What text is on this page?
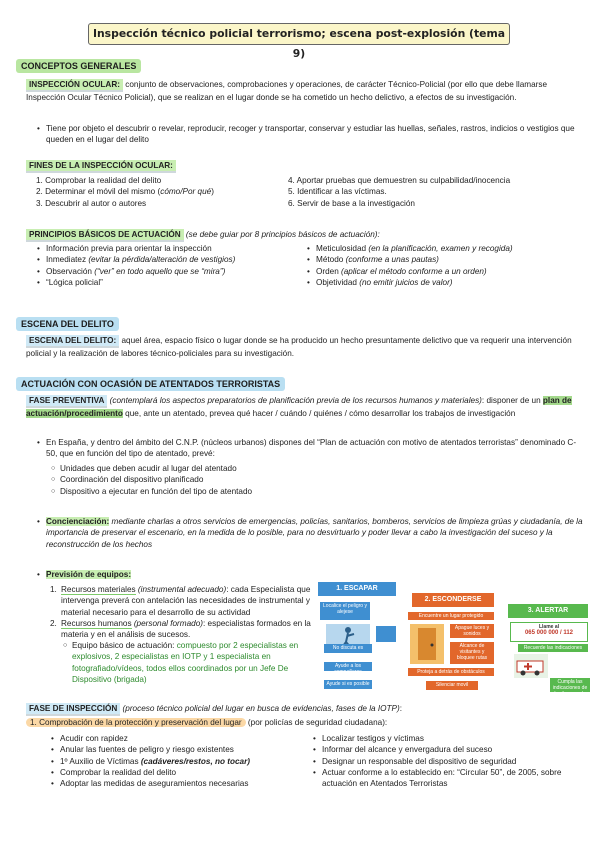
Inspección técnico policial terrorismo; escena post-explosión (tema 9)
CONCEPTOS GENERALES
INSPECCIÓN OCULAR: conjunto de observaciones, comprobaciones y operaciones, de carácter Técnico-Policial (por ello que debe llamarse Inspección Ocular Técnico Policial), que se realizan en el lugar donde se ha cometido un hecho delictivo, a efectos de su investigación.
• Tiene por objeto el descubrir o revelar, reproducir, recoger y transportar, conservar y estudiar las huellas, señales, rastros, indicios o vestigios que queden en el lugar del delito
FINES DE LA INSPECCIÓN OCULAR:
1. Comprobar la realidad del delito
2. Determinar el móvil del mismo (cómo/Por qué)
3. Descubrir al autor o autores
4. Aportar pruebas que demuestren su culpabilidad/inocencia
5. Identificar a las víctimas.
6. Servir de base a la investigación
PRINCIPIOS BÁSICOS DE ACTUACIÓN (se debe guiar por 8 principios básicos de actuación):
• Información previa para orientar la inspección
• Inmediatez (evitar la pérdida/alteración de vestigios)
• Observación (“ver” en todo aquello que se “mira”)
• “Lógica policial”
• Meticulosidad (en la planificación, examen y recogida)
• Método (conforme a unas pautas)
• Orden (aplicar el método conforme a un orden)
• Objetividad (no emitir juicios de valor)
ESCENA DEL DELITO
ESCENA DEL DELITO: aquel área, espacio físico o lugar donde se ha producido un hecho presuntamente delictivo que va requerir una intervención policial y la realización de labores técnico-policiales para su investigación.
ACTUACIÓN CON OCASIÓN DE ATENTADOS TERRORISTAS
FASE PREVENTIVA (contemplará los aspectos preparatorios de planificación previa de los recursos humanos y materiales): disponer de un plan de actuación/procedimiento que, ante un atentado, prevea qué hacer / cuándo / quiénes / cómo desarrollar los trabajos de investigación
• En España, y dentro del ámbito del C.N.P. (núcleos urbanos) dispones del “Plan de actuación con motivo de atentados terroristas” denominado C-50, que en función del tipo de atentado, prevé:
○ Unidades que deben acudir al lugar del atentado
○ Coordinación del dispositivo planificado
○ Dispositivo a ejecutar en función del tipo de atentado
• Concienciación: mediante charlas a otros servicios de emergencias, policías, sanitarios, bomberos, servicios de limpieza grúas y ciudadanía, de la importancia de preservar el escenario, en la medida de lo posible, para no desvirtuarlo y poder llevar a cabo la investigación del suceso y la reconstrucción de los hechos
• Previsión de equipos:
1. Recursos materiales (instrumental adecuado): cada Especialista que intervenga preverá con antelación las necesidades de instrumental y material necesario para el desarrollo de su actividad
2. Recursos humanos (personal formado): especialistas formados en la materia y en el análisis de sucesos.
○ Equipo básico de actuación: compuesto por 2 especialistas en explosivos, 2 especialistas en IOTP y 1 especialista en fotografiado/vídeos, todos ellos coordinados por un Jefe De Dispositivo (brigada)
1. ESCAPAR
2. ESCONDERSE
3. ALERTAR
Localice el peligro y alejese
No discuta es
Ayude a los compañeros
Ayude si es posible
Encuentre un lugar protegido
Apague luces y sonidos
Alcance de visitantes y bloquee rutas
Proteja a detrás de obstáculos
Silenciar movil
Llame al
065 000 000 / 112
Recuerde las indicaciones
Cumpla las indicaciones de las fuerzas de seguridad
FASE DE INSPECCIÓN (proceso técnico policial del lugar en busca de evidencias, fases de la IOTP):
1. Comprobación de la protección y preservación del lugar (por policías de seguridad ciudadana):
• Acudir con rapidez
• Anular las fuentes de peligro y riesgo existentes
• 1º Auxilio de Víctimas (cadáveres/restos, no tocar)
• Comprobar la realidad del delito
• Adoptar las medidas de aseguramientos necesarias
• Localizar testigos y víctimas
• Informar del alcance y envergadura del suceso
• Designar un responsable del dispositivo de seguridad
• Actuar conforme a lo establecido en: “Circular 50”, de 2005, sobre actuación en Atentados Terroristas
